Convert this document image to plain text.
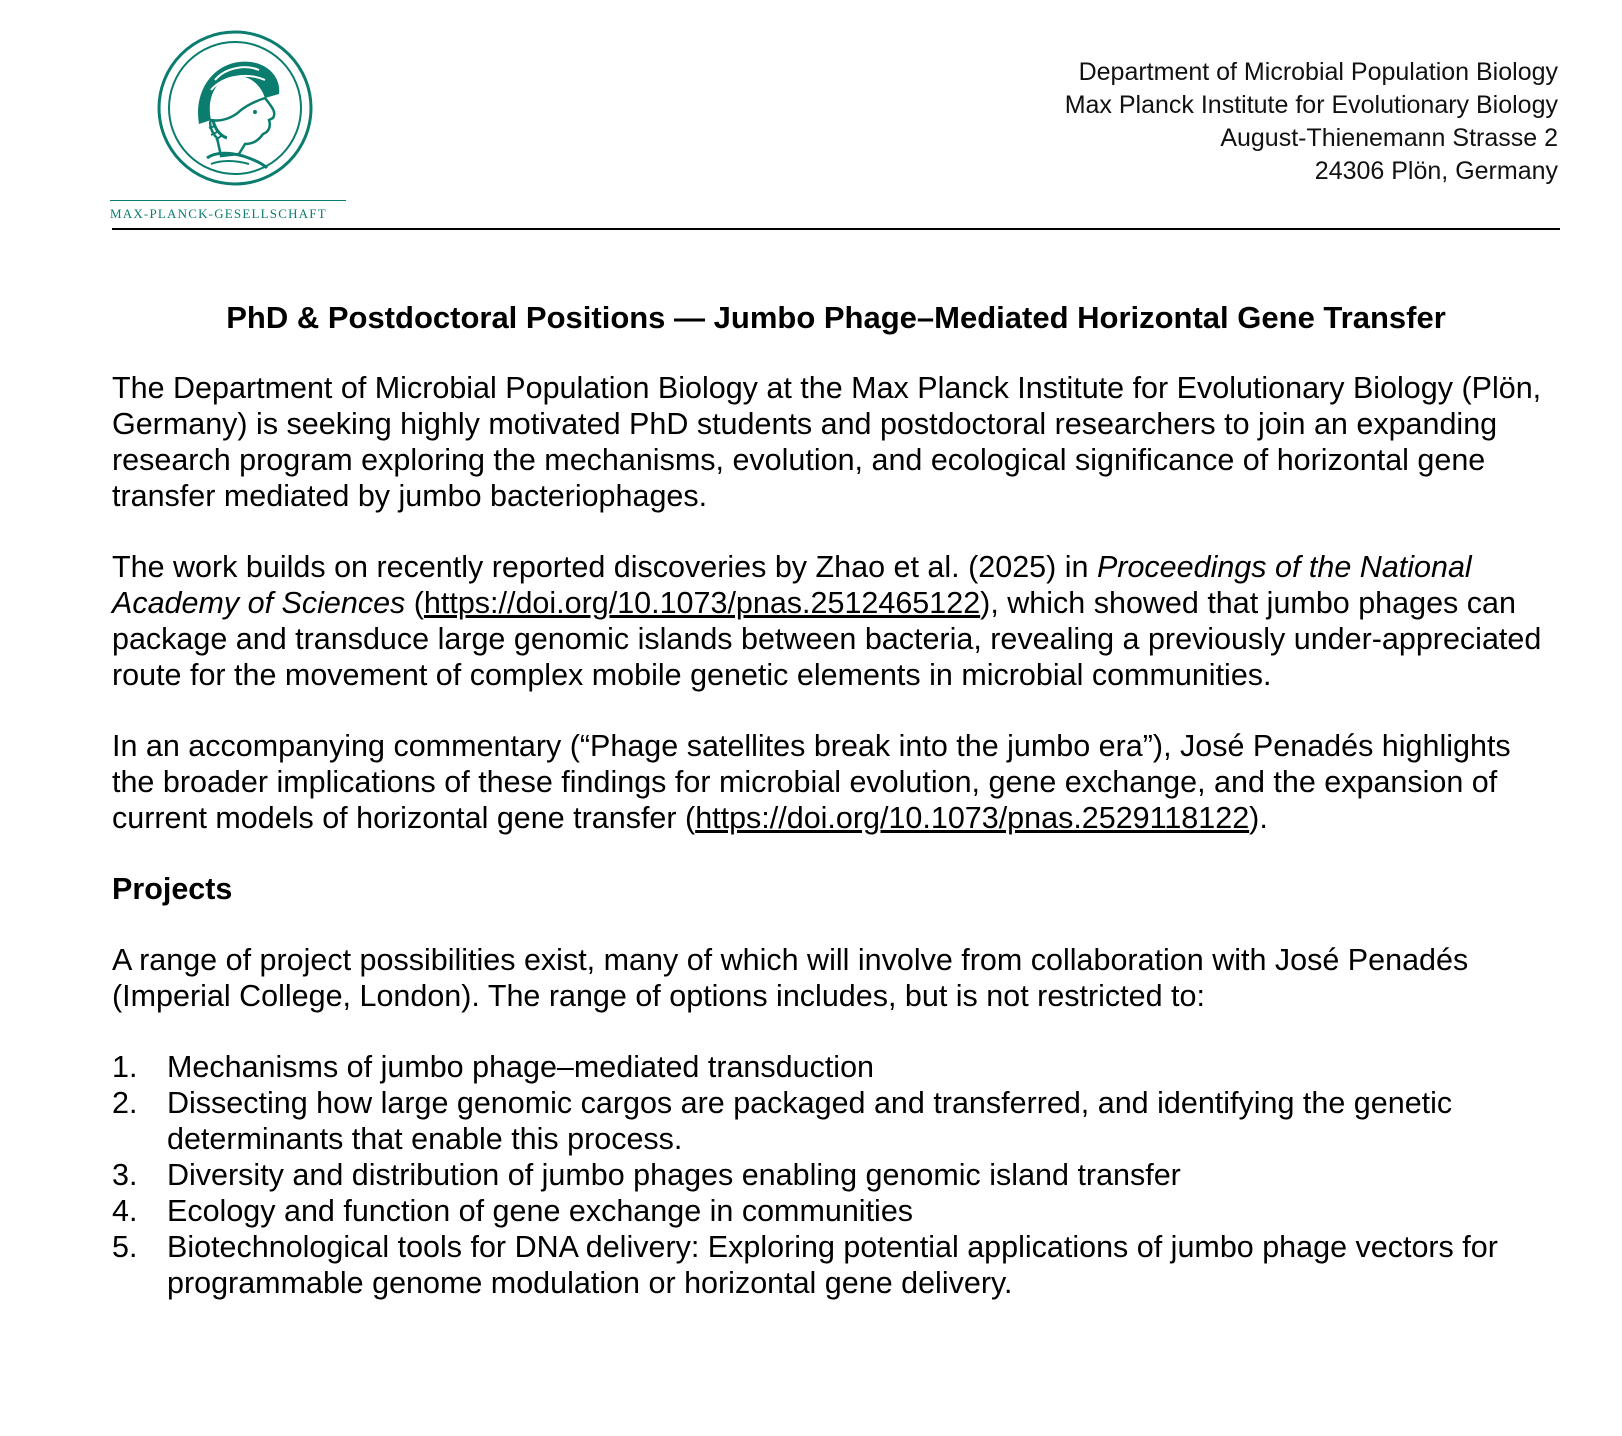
MAX-PLANCK-GESELLSCHAFT
Department of Microbial Population Biology
Max Planck Institute for Evolutionary Biology
August-Thienemann Strasse 2
24306 Plön, Germany
PhD & Postdoctoral Positions — Jumbo Phage–Mediated Horizontal Gene Transfer

The Department of Microbial Population Biology at the Max Planck Institute for Evolutionary Biology (Plön, Germany) is seeking highly motivated PhD students and postdoctoral researchers to join an expanding research program exploring the mechanisms, evolution, and ecological significance of horizontal gene transfer mediated by jumbo bacteriophages.

The work builds on recently reported discoveries by Zhao et al. (2025) in Proceedings of the National Academy of Sciences (https://doi.org/10.1073/pnas.2512465122), which showed that jumbo phages can package and transduce large genomic islands between bacteria, revealing a previously under-appreciated route for the movement of complex mobile genetic elements in microbial communities.

In an accompanying commentary (“Phage satellites break into the jumbo era”), José Penadés highlights the broader implications of these findings for microbial evolution, gene exchange, and the expansion of current models of horizontal gene transfer (https://doi.org/10.1073/pnas.2529118122).

Projects

A range of project possibilities exist, many of which will involve from collaboration with José Penadés (Imperial College, London). The range of options includes, but is not restricted to:

1. Mechanisms of jumbo phage–mediated transduction
2. Dissecting how large genomic cargos are packaged and transferred, and identifying the genetic determinants that enable this process.
3. Diversity and distribution of jumbo phages enabling genomic island transfer
4. Ecology and function of gene exchange in communities
5. Biotechnological tools for DNA delivery: Exploring potential applications of jumbo phage vectors for programmable genome modulation or horizontal gene delivery.
